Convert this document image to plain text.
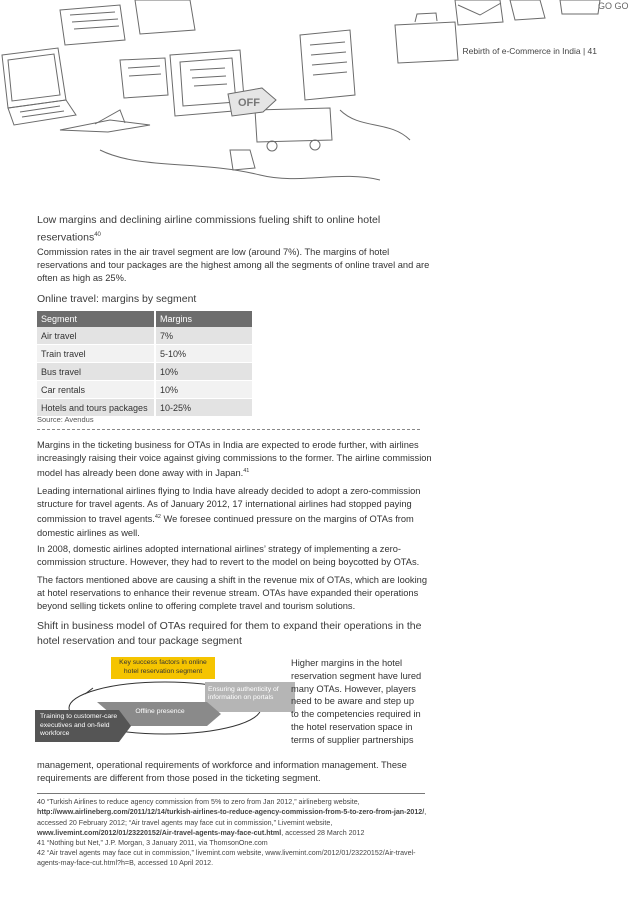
OFF
GO GO
Rebirth of e-Commerce in India | 41
Low margins and declining airline commissions fueling shift to online hotel reservations$^{40}$

Commission rates in the air travel segment are low (around 7%). The margins of hotel reservations and tour packages are the highest among all the segments of online travel and are often as high as 25%.

Online travel: margins by segment
Segment	Margins
Air travel	7%
Train travel	5-10%
Bus travel	10%
Car rentals	10%
Hotels and tours packages	10-25%
Source: Avendus

Margins in the ticketing business for OTAs in India are expected to erode further, with airlines increasingly raising their voice against giving commissions to the former. The airline commission model has already been done away with in Japan.$^{41}$

Leading international airlines flying to India have already decided to adopt a zero-commission structure for travel agents. As of January 2012, 17 international airlines had stopped paying commission to travel agents.$^{42}$ We foresee continued pressure on the margins of OTAs from domestic airlines as well.

In 2008, domestic airlines adopted international airlines’ strategy of implementing a zero-commission structure. However, they had to revert to the model on being boycotted by OTAs.

The factors mentioned above are causing a shift in the revenue mix of OTAs, which are looking at hotel reservations to enhance their revenue stream. OTAs have expanded their operations beyond selling tickets online to offering complete travel and tourism solutions.

Shift in business model of OTAs required for them to expand their operations in the hotel reservation and tour package segment
Key success factors in online hotel reservation segment
Ensuring authenticity of information on portals
Offline presence
Training to customer-care executives and on-field workforce

Higher margins in the hotel reservation segment have lured many OTAs. However, players need to be aware and step up to the competencies required in the hotel reservation space in terms of supplier partnerships

management, operational requirements of workforce and information management. These requirements are different from those posed in the ticketing segment.

40 “Turkish Airlines to reduce agency commission from 5% to zero from Jan 2012,” airlineberg website, http://www.airlineberg.com/2011/12/14/turkish-airlines-to-reduce-agency-commission-from-5-to-zero-from-jan-2012/, accessed 20 February 2012; “Air travel agents may face cut in commission,” Livemint website, www.livemint.com/2012/01/23220152/Air-travel-agents-may-face-cut.html, accessed 28 March 2012

41 “Nothing but Net,” J.P. Morgan, 3 January 2011, via ThomsonOne.com

42 “Air travel agents may face cut in commission,” livemint.com website, www.livemint.com/2012/01/23220152/Air-travel-agents-may-face-cut.html?h=B, accessed 10 April 2012.
